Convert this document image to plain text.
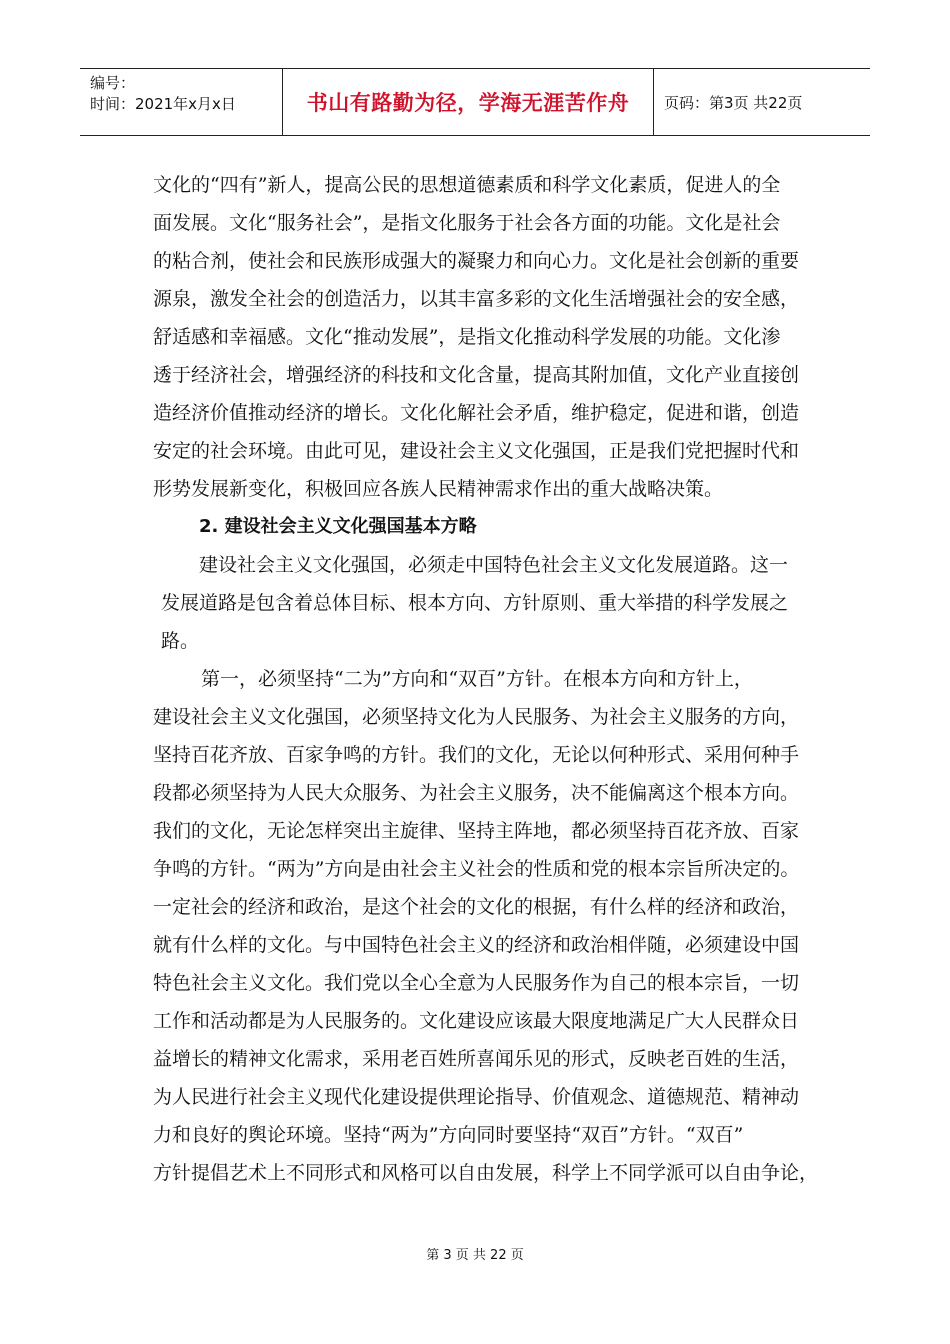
编号：
时间：2021年x月x日	书山有路勤为径，学海无涯苦作舟 页码：第3页 共22页
文化的“四有”新人，提高公民的思想道德素质和科学文化素质，促进人的全
面发展。文化“服务社会”，是指文化服务于社会各方面的功能。文化是社会
的粘合剂，使社会和民族形成强大的凝聚力和向心力。文化是社会创新的重要
源泉，激发全社会的创造活力，以其丰富多彩的文化生活增强社会的安全感，
舒适感和幸福感。文化“推动发展”，是指文化推动科学发展的功能。文化渗
透于经济社会，增强经济的科技和文化含量，提高其附加值，文化产业直接创
造经济价值推动经济的增长。文化化解社会矛盾，维护稳定，促进和谐，创造
安定的社会环境。由此可见，建设社会主义文化强国，正是我们党把握时代和
形势发展新变化，积极回应各族人民精神需求作出的重大战略决策。
2. 建设社会主义文化强国基本方略
建设社会主义文化强国，必须走中国特色社会主义文化发展道路。这一
发展道路是包含着总体目标、根本方向、方针原则、重大举措的科学发展之
路。
第一，必须坚持“二为”方向和“双百”方针。在根本方向和方针上，
建设社会主义文化强国，必须坚持文化为人民服务、为社会主义服务的方向，
坚持百花齐放、百家争鸣的方针。我们的文化，无论以何种形式、采用何种手
段都必须坚持为人民大众服务、为社会主义服务，决不能偏离这个根本方向。
我们的文化，无论怎样突出主旋律、坚持主阵地，都必须坚持百花齐放、百家
争鸣的方针。“两为”方向是由社会主义社会的性质和党的根本宗旨所决定的。
一定社会的经济和政治，是这个社会的文化的根据，有什么样的经济和政治，
就有什么样的文化。与中国特色社会主义的经济和政治相伴随，必须建设中国
特色社会主义文化。我们党以全心全意为人民服务作为自己的根本宗旨，一切
工作和活动都是为人民服务的。文化建设应该最大限度地满足广大人民群众日
益增长的精神文化需求，采用老百姓所喜闻乐见的形式，反映老百姓的生活，
为人民进行社会主义现代化建设提供理论指导、价值观念、道德规范、精神动
力和良好的舆论环境。坚持“两为”方向同时要坚持“双百”方针。“双百”
方针提倡艺术上不同形式和风格可以自由发展，科学上不同学派可以自由争论，
第 3 页 共 22 页
